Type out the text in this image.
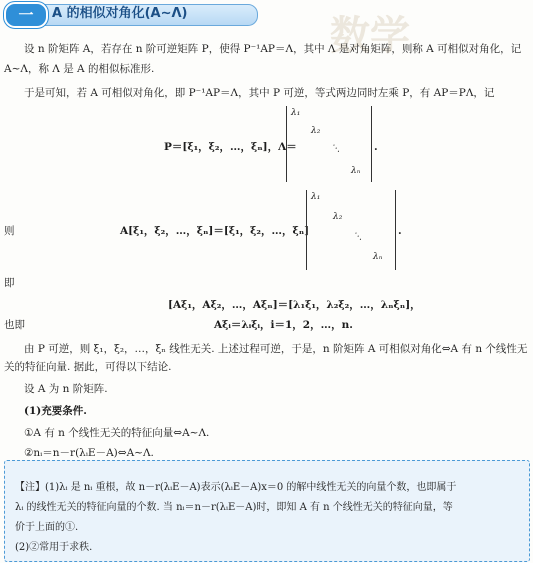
一	A 的相似对角化(A∼Λ)	数学
设 n 阶矩阵 A，若存在 n 阶可逆矩阵 P，使得 P⁻¹AP＝Λ，其中 Λ 是对角矩阵，则称 A 可相似对角化，记
A∼Λ，称 Λ 是 A 的相似标准形.
于是可知，若 A 可相似对角化，即 P⁻¹AP＝Λ，其中 P 可逆，等式两边同时左乘 P，有 AP＝PΛ，记
P＝[ξ₁，ξ₂，…，ξₙ]，Λ＝
λ₁
λ₂
⋱
λₙ
.
则	A[ξ₁，ξ₂，…，ξₙ]＝[ξ₁，ξ₂，…，ξₙ]
λ₁
λ₂
⋱
λₙ
.
即
[Aξ₁，Aξ₂，…，Aξₙ]＝[λ₁ξ₁，λ₂ξ₂，…，λₙξₙ]，
也即	Aξᵢ＝λᵢξᵢ，i＝1，2，…，n.
由 P 可逆，则 ξ₁，ξ₂，…，ξₙ 线性无关. 上述过程可逆，于是，n 阶矩阵 A 可相似对角化⇔A 有 n 个线性无
关的特征向量. 据此，可得以下结论.
设 A 为 n 阶矩阵.
(1)充要条件.
①A 有 n 个线性无关的特征向量⇔A∼Λ.
②nᵢ＝n－r(λᵢE－A)⇔A∼Λ.
【注】(1)λᵢ 是 nᵢ 重根，故 n－r(λᵢE－A)表示(λᵢE－A)x＝0 的解中线性无关的向量个数，也即属于
λᵢ 的线性无关的特征向量的个数. 当 nᵢ＝n－r(λᵢE－A)时，即知 A 有 n 个线性无关的特征向量，等
价于上面的①.
(2)②常用于求秩.
